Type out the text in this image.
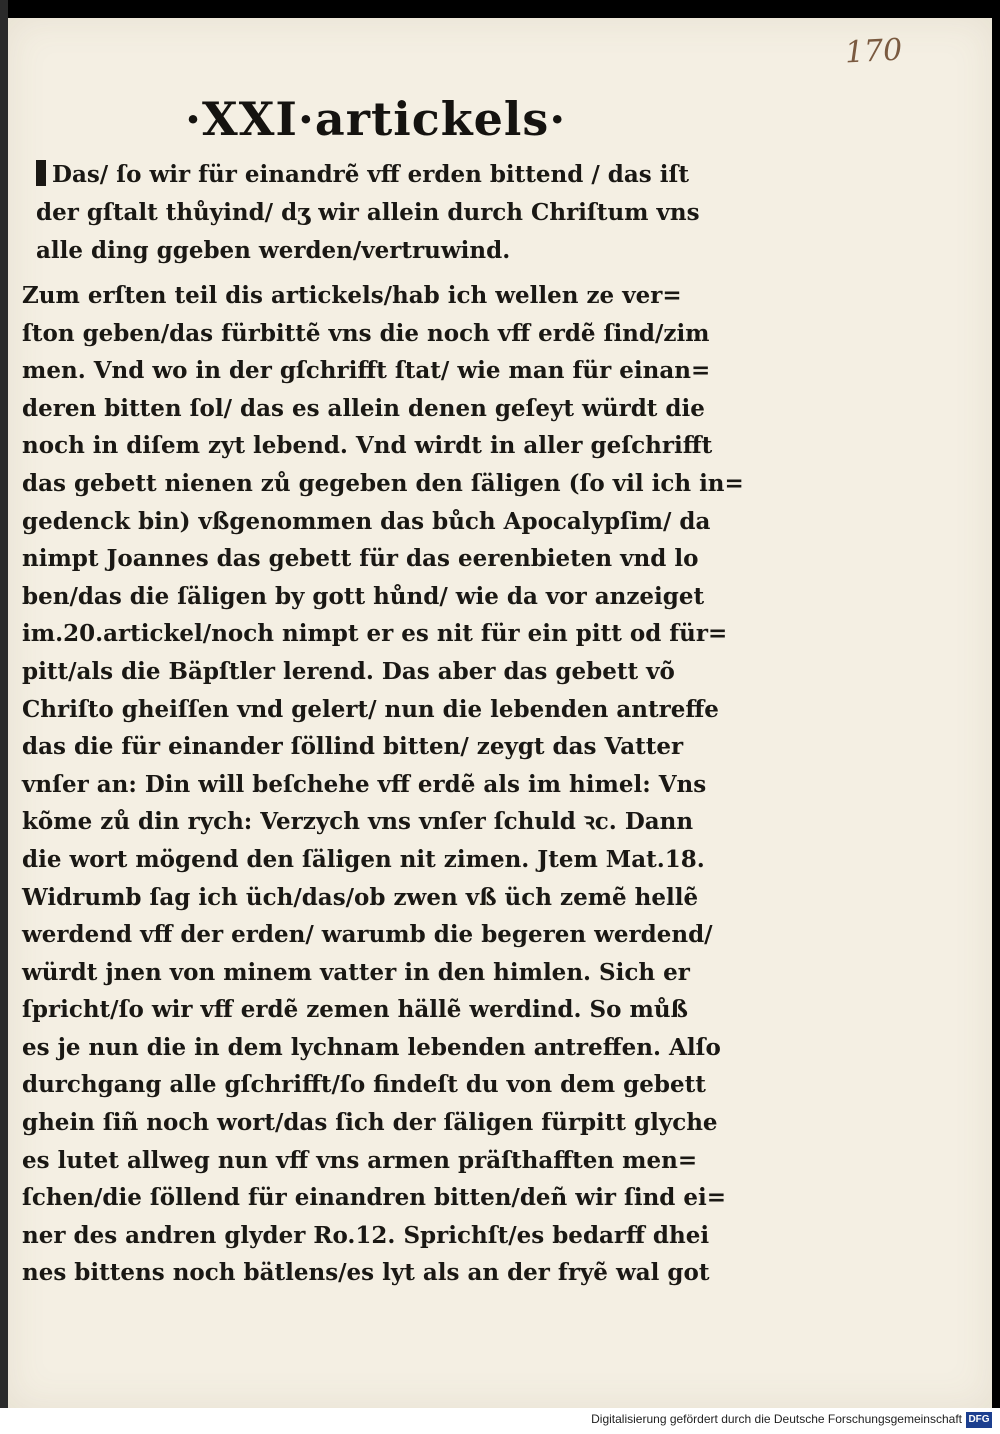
170
·XXI·artickels·
Das/ ſo wir für einandrẽ vff erden bittend / das iſt
der gſtalt thůyind/ dʒ wir allein durch Chriſtum vns
alle ding ggeben werden/vertruwind.
Zum erſten teil dis artickels/hab ich wellen ze ver=
ſton geben/das fürbittẽ vns die noch vff erdẽ ſind/zim
men. Vnd wo in der gſchrifft ſtat/ wie man für einan=
deren bitten ſol/ das es allein denen geſeyt würdt die
noch in diſem zyt lebend. Vnd wirdt in aller geſchrifft
das gebett nienen zů gegeben den ſäligen (ſo vil ich in=
gedenck bin) vßgenommen das bůch Apocalypſim/ da
nimpt Joannes das gebett für das eerenbieten vnd lo
ben/das die ſäligen by gott hůnd/ wie da vor anzeiget
im.20.artickel/noch nimpt er es nit für ein pitt od für=
pitt/als die Bäpſtler lerend. Das aber das gebett võ
Chriſto gheiſſen vnd gelert/ nun die lebenden antreffe
das die für einander ſöllind bitten/ zeygt das Vatter
vnſer an: Din will beſchehe vff erdẽ als im himel: Vns
kõme zů din rych: Verzych vns vnſer ſchuld ꝛc. Dann
die wort mögend den ſäligen nit zimen. Jtem Mat.18.
Widrumb ſag ich üch/das/ob zwen vß üch zemẽ hellẽ
werdend vff der erden/ warumb die begeren werdend/
würdt jnen von minem vatter in den himlen. Sich er
ſpricht/ſo wir vff erdẽ zemen hällẽ werdind. So můß
es je nun die in dem lychnam lebenden antreffen. Alſo
durchgang alle gſchrifft/ſo findeſt du von dem gebett
ghein ſiñ noch wort/das ſich der ſäligen fürpitt glyche
es lutet allweg nun vff vns armen präſthafften men=
ſchen/die ſöllend für einandren bitten/deñ wir ſind ei=
ner des andren glyder Ro.12. Sprichſt/es bedarff dhei
nes bittens noch bätlens/es lyt als an der fryẽ wal got
Digitalisierung gefördert durch die Deutsche Forschungsgemeinschaft DFG
